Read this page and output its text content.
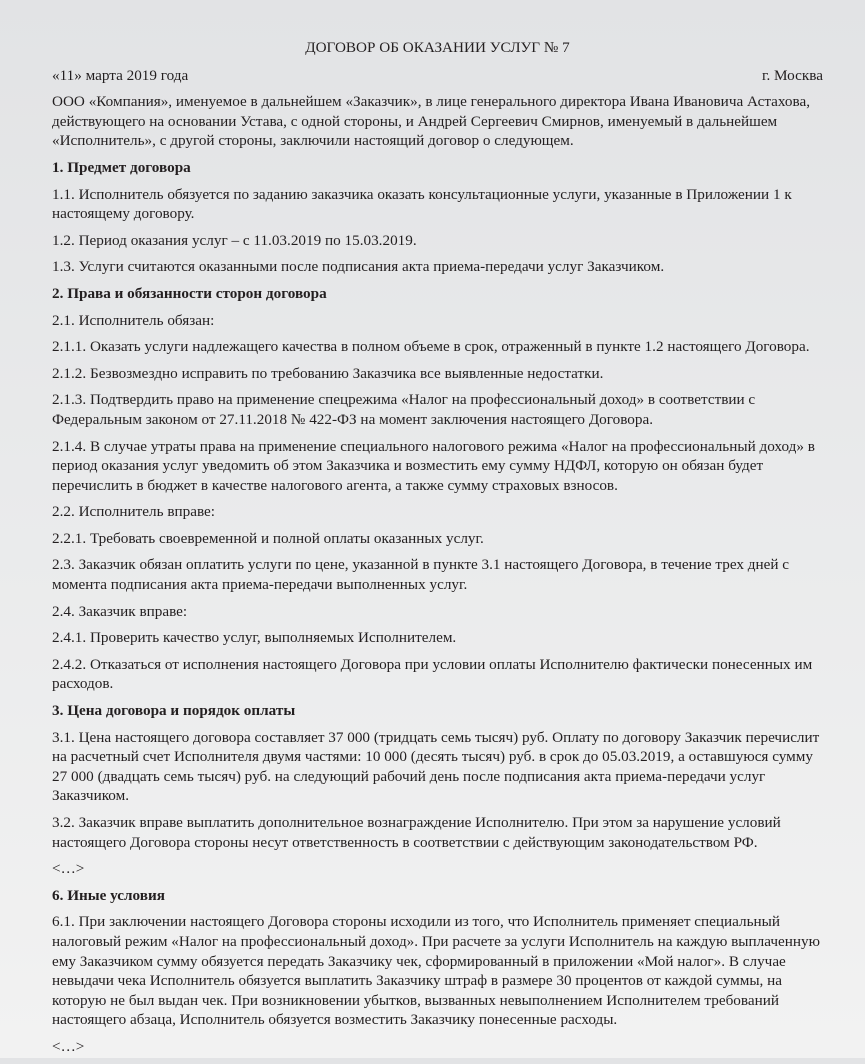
ДОГОВОР ОБ ОКАЗАНИИ УСЛУГ № 7
«11» марта 2019 года	г. Москва

ООО «Компания», именуемое в дальнейшем «Заказчик», в лице генерального директора Ивана Ивановича Астахова, действующего на основании Устава, с одной стороны, и Андрей Сергеевич Смирнов, именуемый в дальнейшем «Исполнитель», с другой стороны, заключили настоящий договор о следующем.

1. Предмет договора

1.1. Исполнитель обязуется по заданию заказчика оказать консультационные услуги, указанные в Приложении 1 к настоящему договору.

1.2. Период оказания услуг – с 11.03.2019 по 15.03.2019.

1.3. Услуги считаются оказанными после подписания акта приема-передачи услуг Заказчиком.

2. Права и обязанности сторон договора

2.1. Исполнитель обязан:

2.1.1. Оказать услуги надлежащего качества в полном объеме в срок, отраженный в пункте 1.2 настоящего Договора.

2.1.2. Безвозмездно исправить по требованию Заказчика все выявленные недостатки.

2.1.3. Подтвердить право на применение спецрежима «Налог на профессиональный доход» в соответствии с Федеральным законом от 27.11.2018 № 422-ФЗ на момент заключения настоящего Договора.

2.1.4. В случае утраты права на применение специального налогового режима «Налог на профессиональный доход» в период оказания услуг уведомить об этом Заказчика и возместить ему сумму НДФЛ, которую он обязан будет перечислить в бюджет в качестве налогового агента, а также сумму страховых взносов.

2.2. Исполнитель вправе:

2.2.1. Требовать своевременной и полной оплаты оказанных услуг.

2.3. Заказчик обязан оплатить услуги по цене, указанной в пункте 3.1 настоящего Договора, в течение трех дней с момента подписания акта приема-передачи выполненных услуг.

2.4. Заказчик вправе:

2.4.1. Проверить качество услуг, выполняемых Исполнителем.

2.4.2. Отказаться от исполнения настоящего Договора при условии оплаты Исполнителю фактически понесенных им расходов.

3. Цена договора и порядок оплаты

3.1. Цена настоящего договора составляет 37 000 (тридцать семь тысяч) руб. Оплату по договору Заказчик перечислит на расчетный счет Исполнителя двумя частями: 10 000 (десять тысяч) руб. в срок до 05.03.2019, а оставшуюся сумму 27 000 (двадцать семь тысяч) руб. на следующий рабочий день после подписания акта приема-передачи услуг Заказчиком.

3.2. Заказчик вправе выплатить дополнительное вознаграждение Исполнителю. При этом за нарушение условий настоящего Договора стороны несут ответственность в соответствии с действующим законодательством РФ.

<…>

6. Иные условия

6.1. При заключении настоящего Договора стороны исходили из того, что Исполнитель применяет специальный налоговый режим «Налог на профессиональный доход». При расчете за услуги Исполнитель на каждую выплаченную ему Заказчиком сумму обязуется передать Заказчику чек, сформированный в приложении «Мой налог». В случае невыдачи чека Исполнитель обязуется выплатить Заказчику штраф в размере 30 процентов от каждой суммы, на которую не был выдан чек. При возникновении убытков, вызванных невыполнением Исполнителем требований настоящего абзаца, Исполнитель обязуется возместить Заказчику понесенные расходы.

<…>
